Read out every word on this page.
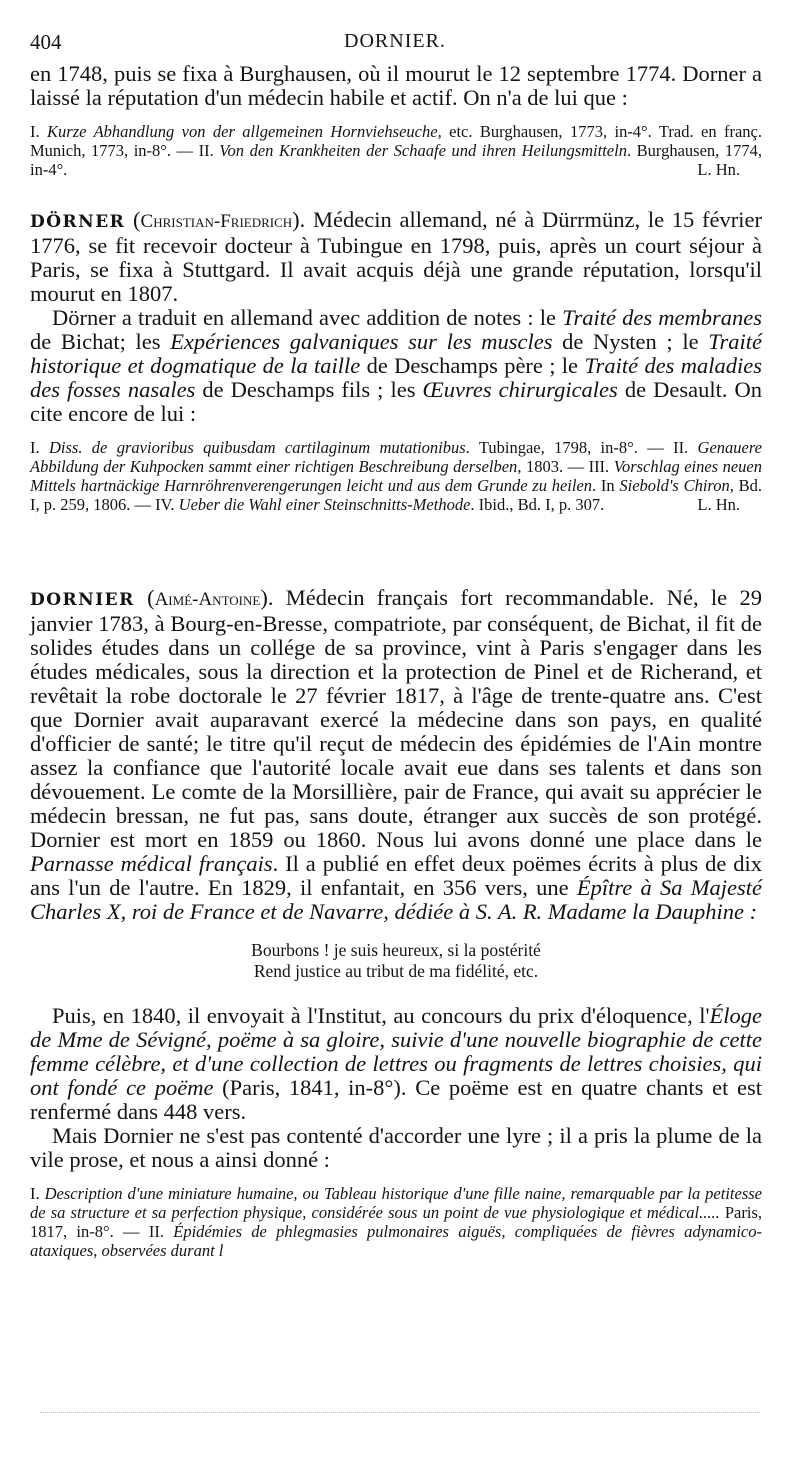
404	DORNIER.

en 1748, puis se fixa à Burghausen, où il mourut le 12 septembre 1774. Dorner a laissé la réputation d'un médecin habile et actif. On n'a de lui que :

I. Kurze Abhandlung von der allgemeinen Hornviehseuche, etc. Burghausen, 1773, in-4°. Trad. en franç. Munich, 1773, in-8°. — II. Von den Krankheiten der Schaafe und ihren Heilungsmitteln. Burghausen, 1774, in-4°.	L. Hn.

DÖRNER (Christian-Friedrich). Médecin allemand, né à Dürrmünz, le 15 février 1776, se fit recevoir docteur à Tubingue en 1798, puis, après un court séjour à Paris, se fixa à Stuttgard. Il avait acquis déjà une grande réputation, lorsqu'il mourut en 1807.

Dörner a traduit en allemand avec addition de notes : le Traité des membranes de Bichat; les Expériences galvaniques sur les muscles de Nysten ; le Traité historique et dogmatique de la taille de Deschamps père ; le Traité des maladies des fosses nasales de Deschamps fils ; les Œuvres chirurgicales de Desault. On cite encore de lui :

I. Diss. de gravioribus quibusdam cartilaginum mutationibus. Tubingae, 1798, in-8°. — II. Genauere Abbildung der Kuhpocken sammt einer richtigen Beschreibung derselben, 1803. — III. Vorschlag eines neuen Mittels hartnäckige Harnröhrenverengerungen leicht und aus dem Grunde zu heilen. In Siebold's Chiron, Bd. I, p. 259, 1806. — IV. Ueber die Wahl einer Steinschnitts-Methode. Ibid., Bd. I, p. 307.	L. Hn.

DORNIER (Aimé-Antoine). Médecin français fort recommandable. Né, le 29 janvier 1783, à Bourg-en-Bresse, compatriote, par conséquent, de Bichat, il fit de solides études dans un collége de sa province, vint à Paris s'engager dans les études médicales, sous la direction et la protection de Pinel et de Richerand, et revêtait la robe doctorale le 27 février 1817, à l'âge de trente-quatre ans. C'est que Dornier avait auparavant exercé la médecine dans son pays, en qualité d'officier de santé; le titre qu'il reçut de médecin des épidémies de l'Ain montre assez la confiance que l'autorité locale avait eue dans ses talents et dans son dévouement. Le comte de la Morsillière, pair de France, qui avait su apprécier le médecin bressan, ne fut pas, sans doute, étranger aux succès de son protégé. Dornier est mort en 1859 ou 1860. Nous lui avons donné une place dans le Parnasse médical français. Il a publié en effet deux poëmes écrits à plus de dix ans l'un de l'autre. En 1829, il enfantait, en 356 vers, une Épître à Sa Majesté Charles X, roi de France et de Navarre, dédiée à S. A. R. Madame la Dauphine :

Bourbons ! je suis heureux, si la postérité
Rend justice au tribut de ma fidélité, etc.

Puis, en 1840, il envoyait à l'Institut, au concours du prix d'éloquence, l'Éloge de Mme de Sévigné, poëme à sa gloire, suivie d'une nouvelle biographie de cette femme célèbre, et d'une collection de lettres ou fragments de lettres choisies, qui ont fondé ce poëme (Paris, 1841, in-8°). Ce poëme est en quatre chants et est renfermé dans 448 vers.

Mais Dornier ne s'est pas contenté d'accorder une lyre ; il a pris la plume de la vile prose, et nous a ainsi donné :

I. Description d'une miniature humaine, ou Tableau historique d'une fille naine, remarquable par la petitesse de sa structure et sa perfection physique, considérée sous un point de vue physiologique et médical..... Paris, 1817, in-8°. — II. Épidémies de phlegmasies pulmonaires aiguës, compliquées de fièvres adynamico-ataxiques, observées durant l
